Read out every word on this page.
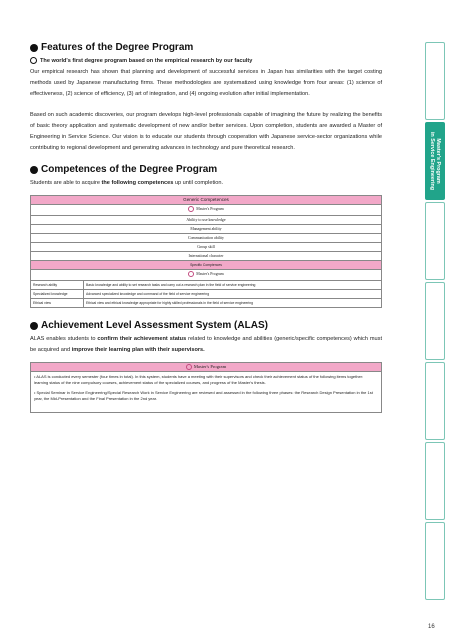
Features of the Degree Program
The world's first degree program based on the empirical research by our faculty

Our empirical research has shown that planning and development of successful services in Japan has similarities with the target costing methods used by Japanese manufacturing firms. These methodologies are systematized using knowledge from four areas: (1) science of effectiveness, (2) science of efficiency, (3) art of integration, and (4) ongoing evolution after initial implementation.

Based on such academic discoveries, our program develops high-level professionals capable of imagining the future by realizing the benefits of basic theory application and systematic development of new and/or better services. Upon completion, students are awarded a Master of Engineering in Service Science. Our vision is to educate our students through cooperation with Japanese service-sector organizations while contributing to regional development and generating advances in technology and pure theoretical research.

Competences of the Degree Program

Students are able to acquire the following competences up until completion.

Generic Competences

Master's Program

Ability to use knowledge
Management ability
Communication ability
Group skill
International character
Specific Comptences	

Master's Program	

Research ability	Basic knowledge and ability to set research tasks and carry out a research plan in the field of service engineering
Specialized knowledge	Advanced specialized knowledge and command of the field of service engineering
Ethical view	Ethical view and ethical knowledge appropriate for highly skilled professionals in the field of service engineering
Achievement Level Assessment System (ALAS)

ALAS enables students to confirm their achievement status related to knowledge and abilities (generic/specific competences) which must be acquired and improve their learning plan with their supervisors.

Master's Program

• ALAS is conducted every semester (four times in total). In this system, students have a meeting with their supervisors and check their achievement status of the following items together: learning status of the nine compulsory courses, achievement status of the specialized courses, and progress of the Master's thesis.

• Special Seminar in Service Engineering/Special Research Work in Service Engineering are reviewed and assessed in the following three phases: the Research Design Presentation in the 1st year, the Mid-Presentation and the Final Presentation in the 2nd year.

Master's Program
in Service Engineering
16
